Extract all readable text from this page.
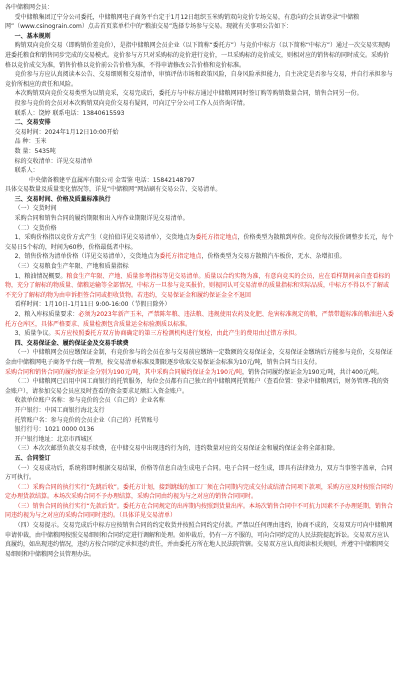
各中储粮网会员：

受中储粮集团辽宁分公司委托，中储粮网电子商务平台定于1月12日组织玉米购销双向竞价专场交易，有意向的会员请登录“中储粮网”（www.csinograin.com）点击首页菜单栏中的“粮油交易”选择专场参与交易。现就有关事项公告如下：

一、基本规则

购销双向竞价交易（即购销价差竞价），是指中储粮网会员企业（以下简称“委托方”）与竞价中标方（以下简称“中标方”）通过一次交易实现购进委托粮食和销售同步完成的交易模式。竞价参与方只对采购标的竞价进行竞价，一旦采购标的竞价成交，则相对应的销售标的同时成交。采购价格以竞价成交为准，销售价格以竞价前公告价格为准，不得申请修改公告价格和竞价标准。

竞价参与方应认真阅读本公告、交易细则和交易清单，审慎评估市场和政策风险，自身风险承担能力，自主决定是否参与交易，并自行承担参与竞价所相应的责任和风险。

本次购销双向竞价交易类型为以销竞采，交易完成后，委托方与中标方通过中储粮网同时签订购等购销数量合同，销售合同另一份。

投参与竞价的会员对本次购销双向竞价交易有疑问，可向辽宁分公司工作人员咨询详情。

联系人：饶婷 联系电话：13840615593

二、交易安排

交易时间：2024年1月12日10:00开始

品 种：玉米

数 量：5435吨

标的交收清单：详见交易清单

联系人：

中央储备粮建平直属库有限公司 金雪鉴 电话：15842148797

具体交易数量及质量变化情况等，详见“中储粮网”网站刷有交易公告、交易清单。

三、交易时间、价格及质量标准执行

（一）交货时间

采购合同和销售合同的履约期限和出入库作业期限详见交易清单。

（二）交货价格

1、采购价格指以竞价方式产生（竞拍值详见交易清单），交货地点为委托方指定地点，价格类型为散粮到库价。竞价每次报价调整步长元，每个交易日5个标的，时间为60秒，价格最低者中标。

2、销售价格为清单价格（详见交易清单），交货地点为委托方指定地点，价格类型为交易方散粮汽车板价，无水、杂增扣重。

（三）交易粮食生产年限、产地和质量指标

1、粮油情况概要。粮食生产年限、产地、质量参考指标等见交易清单。质量以合约实物为准，有意向竞买的会员，应在看样期间亲自查看标的物，充分了解标的物质量、储粮运输等全部情况，中标方一旦参与竞买报价，则视同认可交易清单的质量指标和实际品质，中标方不得以不了解或不充分了解标的物为由申诉拒签合同或拒收货物。若违约，交易保证金和履约保证金全不退回

看样时间：1月10日-1月11日 9:00-16:00（节假日除外）

2、粮入库标质量要求：必须为2023年新产玉米，严禁陈年粮、违法粮、违规使用农药及化肥、危害标准规定的粮，严禁带超标准的粮油进入委托方仓库区，具体严格要求、质量检测包含质量运全标验测质以标准。

3、质量争议。买方应按照委托方双方协商确定的第三方检测机构进行复检，由此产生的费用由过错方承担。

四、交易保证金、履约保证金及交易手续费

（一）中储粮网会员应缴保证金制，有竞价参与的会员在参与交易前应缴纳一定数额的交易保证金，交易保证金缴纳后方能参与竞价，交易保证金由中储粮网电子商务平台统一管理，按交易清单标准及期限逐步收取交易保证金标准为10元/吨，销售合同当日支付。

采购合同和销售合同的履约保证金分别为190元/吨，其中采购合同履约保证金为190元/吨，销售合同履约保证金为190元/吨，共计400元/吨。

（二）中储粮网已启用中国工商银行的托管服务，每位会员都有自己独立的中储粮网托管账户（查看位置：登录中储粮网后，财务管理-我的资金账户），请参加交易会员应及时查看的资金要求足额汇入资金账户。

收款单位账户名称：参与竞价的会员（自己的）企业名称

开户银行：中国工商银行海北支行

托管账户名：参与竞价的会员企业（自己的）托管账号

银行行号：1021 0000 0136

开户银行地址：北京市西城区

（三）本次次邮票负款交易手续费，在中储交易中出现违约行为的，违约数量对应的交易保证金和履约保证金将全部扣除。

五、合同签订

（一）交易成功后，系统将即时根据交易结果，价格等信息自动生成电子合同。电子合同一经生成，即具有法律效力，双方当事签字盖章，合同方可执行。

（二）采购合同的执行实行“先跳后收”。委托方计划，接到跳线的加工厂须在合同期内完成交付或结清合同项下款项，采购方应及时按照合同约定办理货款结算。本场次采购合同不予办理结算，采购合同由约视为与之对应的销售合同同时。

（三）销售合同的执行实行“先款后货”。委托方在合同规定的出库期内按照到货量出库。本场次销售合同中不可抗力因素不予办理延期，销售合同违约视为与之对应的采购合同同时违约。（具体详见交易清单）

（四）交易提示。交易完成后中标方应按销售合同的约定收货并按照合同约定付款。严禁以任何理由违约，协商不成的，交易双方可向中储粮网申请仲裁，由中储粮网按照交易细则和合同约定进行调解和处理。如仲裁后，仍有一方不服的，可向合同约定的人民法院提起诉讼。交易双方应认真履约，如出现违约情况，违约方按合同约定承担违约责任，并由委托方所在地人民法院管辖。交易双方应认真阅读相关规则，并遵守中储粮网交易细则和中储粮网会员管理办法。
